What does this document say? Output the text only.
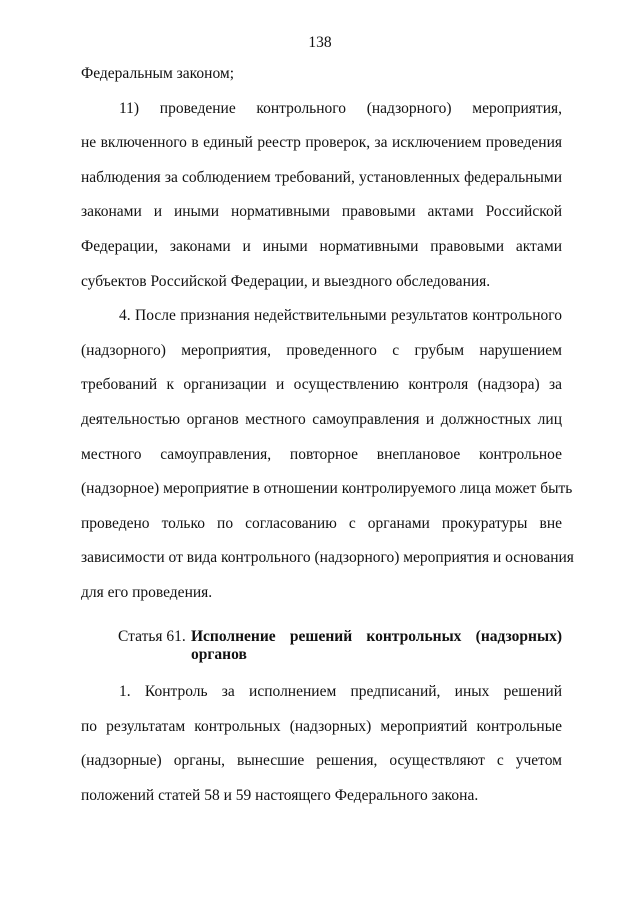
138
Федеральным законом;
11) проведение контрольного (надзорного) мероприятия,
не включенного в единый реестр проверок, за исключением проведения
наблюдения за соблюдением требований, установленных федеральными
законами и иными нормативными правовыми актами Российской
Федерации, законами и иными нормативными правовыми актами
субъектов Российской Федерации, и выездного обследования.
4. После признания недействительными результатов контрольного
(надзорного) мероприятия, проведенного с грубым нарушением
требований к организации и осуществлению контроля (надзора) за
деятельностью органов местного самоуправления и должностных лиц
местного самоуправления, повторное внеплановое контрольное
(надзорное) мероприятие в отношении контролируемого лица может быть
проведено только по согласованию с органами прокуратуры вне
зависимости от вида контрольного (надзорного) мероприятия и основания
для его проведения.
Статья 61. Исполнение решений контрольных (надзорных)
органов
1. Контроль за исполнением предписаний, иных решений
по результатам контрольных (надзорных) мероприятий контрольные
(надзорные) органы, вынесшие решения, осуществляют с учетом
положений статей 58 и 59 настоящего Федерального закона.
